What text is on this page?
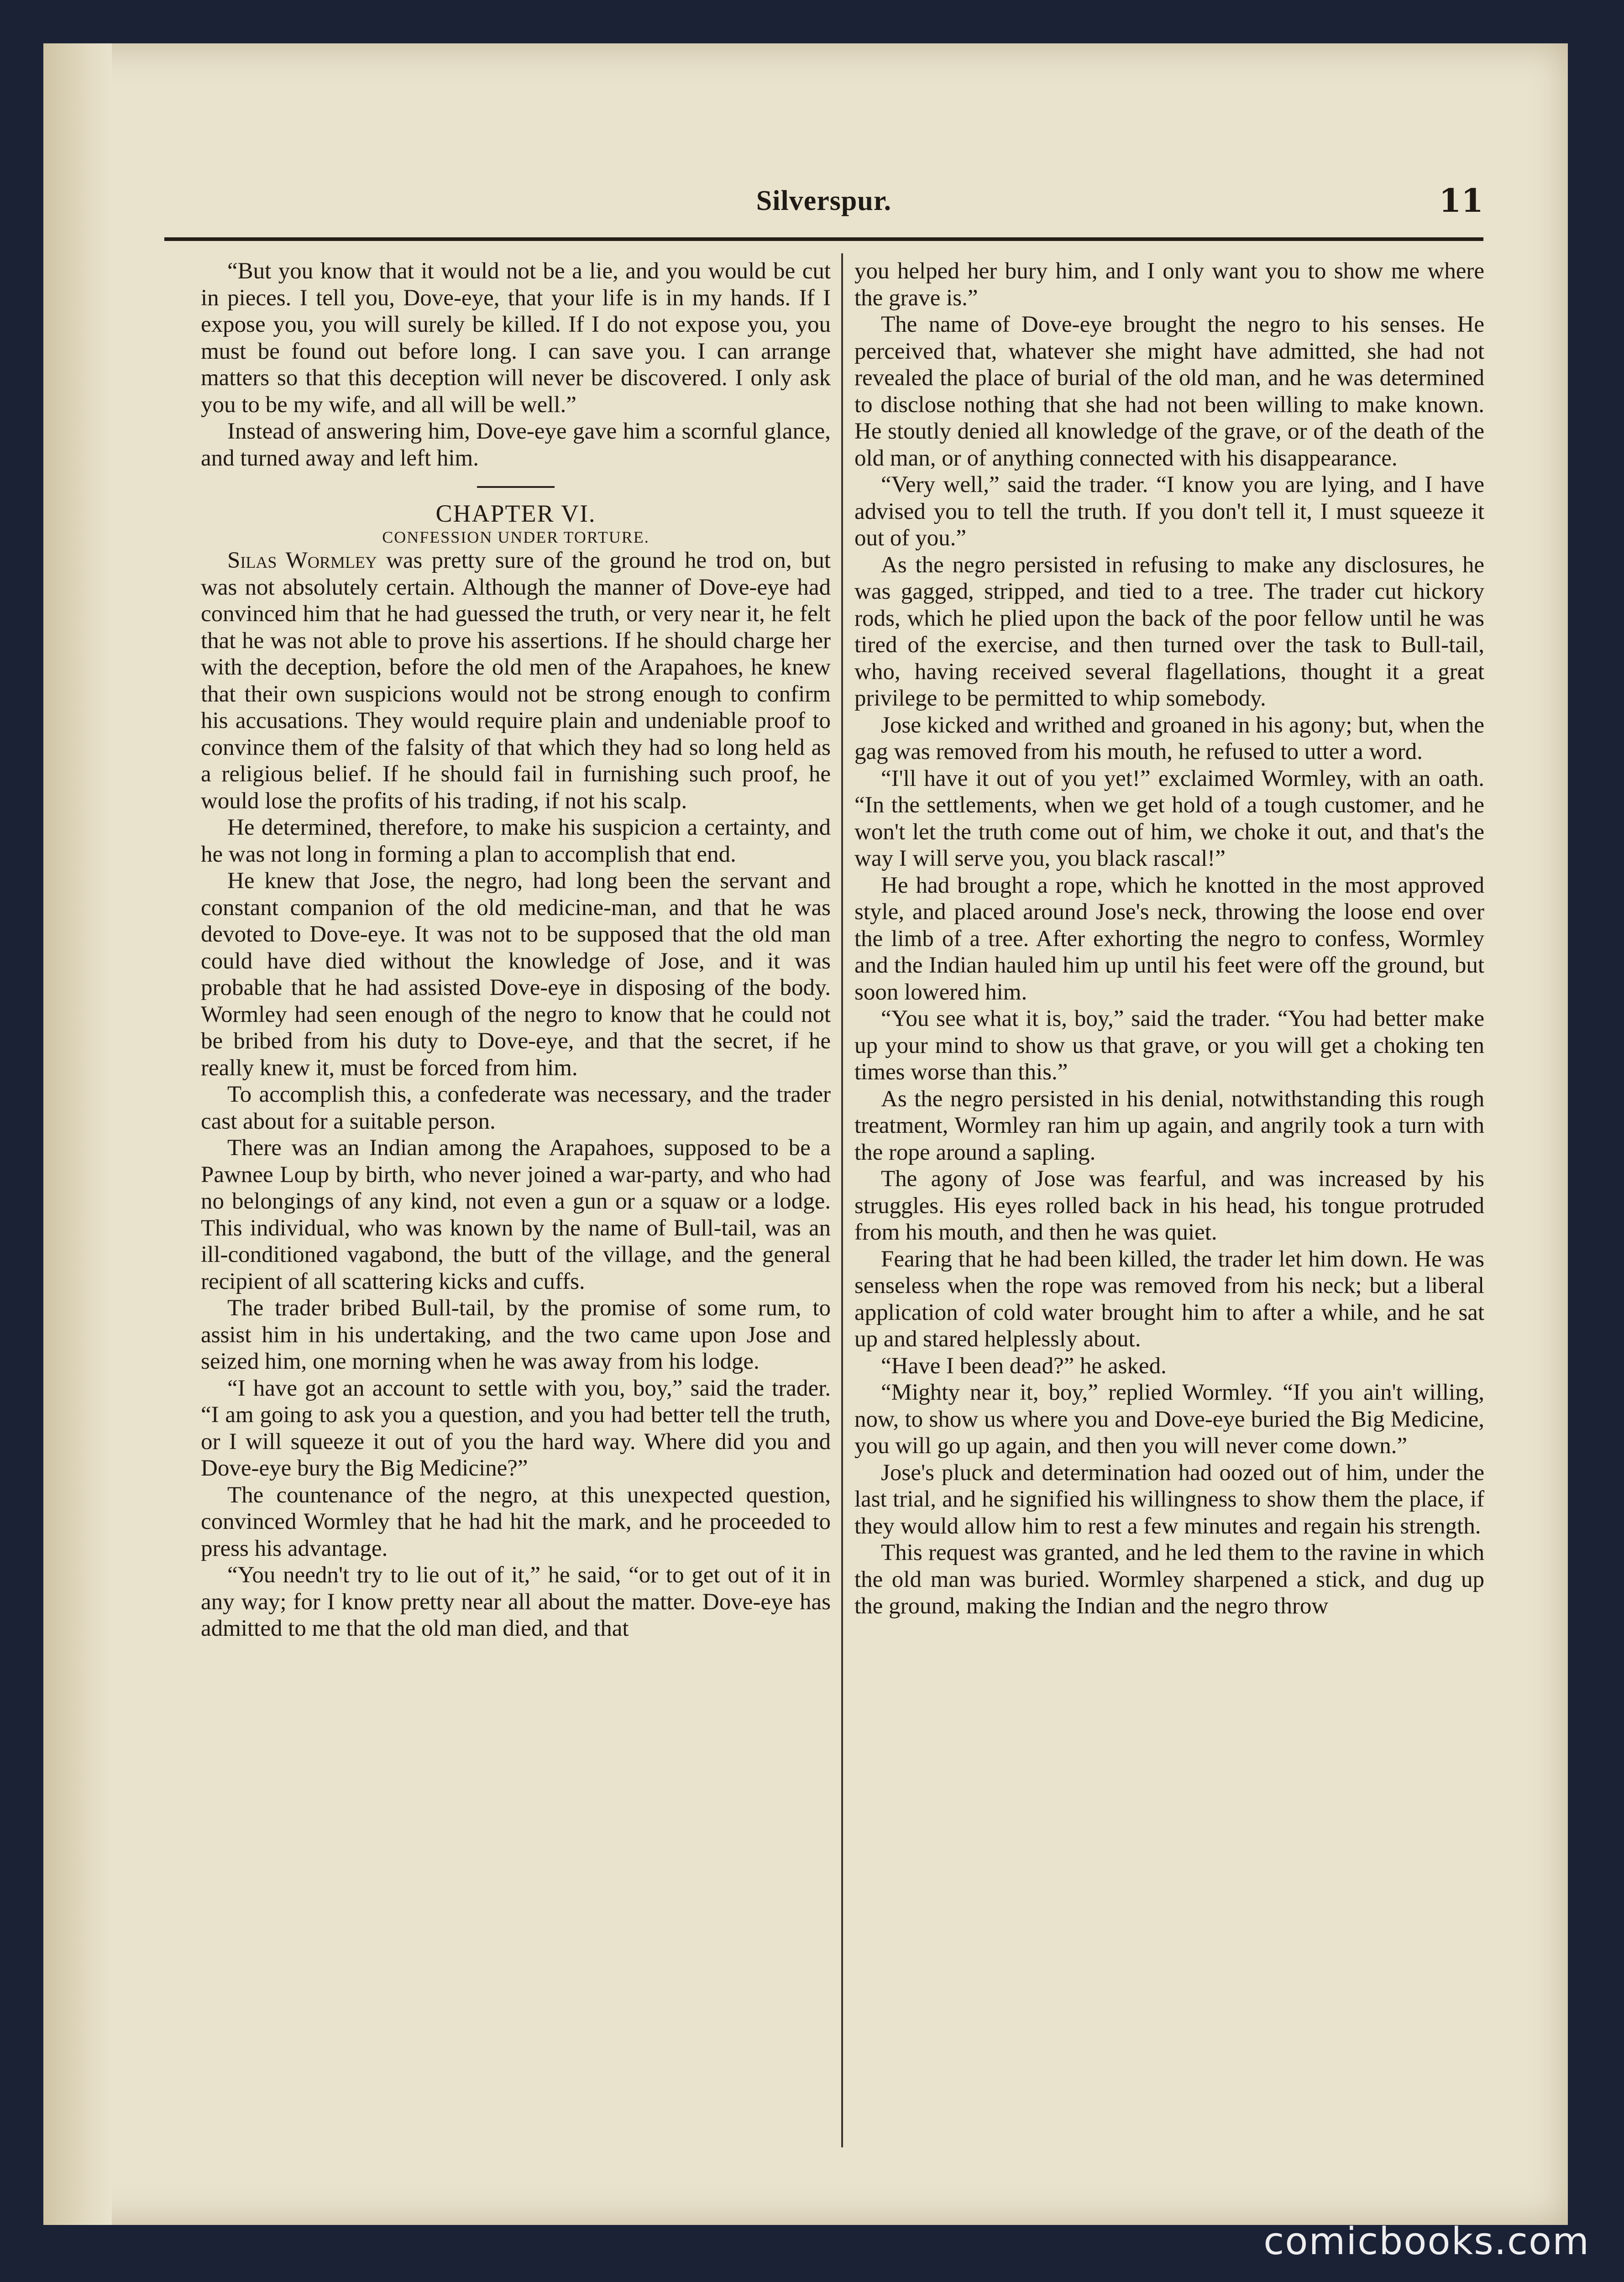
Silverspur.	11

“But you know that it would not be a lie, and you would be cut in pieces. I tell you, Dove-eye, that your life is in my hands. If I expose you, you will surely be killed. If I do not expose you, you must be found out before long. I can save you. I can arrange matters so that this deception will never be discovered. I only ask you to be my wife, and all will be well.”

Instead of answering him, Dove-eye gave him a scornful glance, and turned away and left him.

CHAPTER VI.

CONFESSION UNDER TORTURE.

Silas Wormley was pretty sure of the ground he trod on, but was not absolutely certain. Although the manner of Dove-eye had convinced him that he had guessed the truth, or very near it, he felt that he was not able to prove his assertions. If he should charge her with the deception, before the old men of the Arapahoes, he knew that their own suspicions would not be strong enough to confirm his accusations. They would require plain and undeniable proof to convince them of the falsity of that which they had so long held as a religious belief. If he should fail in furnishing such proof, he would lose the profits of his trading, if not his scalp.

He determined, therefore, to make his suspicion a certainty, and he was not long in forming a plan to accomplish that end.

He knew that Jose, the negro, had long been the servant and constant companion of the old medicine-man, and that he was devoted to Dove-eye. It was not to be supposed that the old man could have died without the knowledge of Jose, and it was probable that he had assisted Dove-eye in disposing of the body. Wormley had seen enough of the negro to know that he could not be bribed from his duty to Dove-eye, and that the secret, if he really knew it, must be forced from him.

To accomplish this, a confederate was necessary, and the trader cast about for a suitable person.

There was an Indian among the Arapahoes, supposed to be a Pawnee Loup by birth, who never joined a war-party, and who had no belongings of any kind, not even a gun or a squaw or a lodge. This individual, who was known by the name of Bull-tail, was an ill-conditioned vagabond, the butt of the village, and the general recipient of all scattering kicks and cuffs.

The trader bribed Bull-tail, by the promise of some rum, to assist him in his undertaking, and the two came upon Jose and seized him, one morning when he was away from his lodge.

“I have got an account to settle with you, boy,” said the trader. “I am going to ask you a question, and you had better tell the truth, or I will squeeze it out of you the hard way. Where did you and Dove-eye bury the Big Medicine?”

The countenance of the negro, at this unexpected question, convinced Wormley that he had hit the mark, and he proceeded to press his advantage.

“You needn't try to lie out of it,” he said, “or to get out of it in any way; for I know pretty near all about the matter. Dove-eye has admitted to me that the old man died, and that

you helped her bury him, and I only want you to show me where the grave is.”

The name of Dove-eye brought the negro to his senses. He perceived that, whatever she might have admitted, she had not revealed the place of burial of the old man, and he was determined to disclose nothing that she had not been willing to make known. He stoutly denied all knowledge of the grave, or of the death of the old man, or of anything connected with his disappearance.

“Very well,” said the trader. “I know you are lying, and I have advised you to tell the truth. If you don't tell it, I must squeeze it out of you.”

As the negro persisted in refusing to make any disclosures, he was gagged, stripped, and tied to a tree. The trader cut hickory rods, which he plied upon the back of the poor fellow until he was tired of the exercise, and then turned over the task to Bull-tail, who, having received several flagellations, thought it a great privilege to be permitted to whip somebody.

Jose kicked and writhed and groaned in his agony; but, when the gag was removed from his mouth, he refused to utter a word.

“I'll have it out of you yet!” exclaimed Wormley, with an oath. “In the settlements, when we get hold of a tough customer, and he won't let the truth come out of him, we choke it out, and that's the way I will serve you, you black rascal!”

He had brought a rope, which he knotted in the most approved style, and placed around Jose's neck, throwing the loose end over the limb of a tree. After exhorting the negro to confess, Wormley and the Indian hauled him up until his feet were off the ground, but soon lowered him.

“You see what it is, boy,” said the trader. “You had better make up your mind to show us that grave, or you will get a choking ten times worse than this.”

As the negro persisted in his denial, notwithstanding this rough treatment, Wormley ran him up again, and angrily took a turn with the rope around a sapling.

The agony of Jose was fearful, and was increased by his struggles. His eyes rolled back in his head, his tongue protruded from his mouth, and then he was quiet.

Fearing that he had been killed, the trader let him down. He was senseless when the rope was removed from his neck; but a liberal application of cold water brought him to after a while, and he sat up and stared helplessly about.

“Have I been dead?” he asked.

“Mighty near it, boy,” replied Wormley. “If you ain't willing, now, to show us where you and Dove-eye buried the Big Medicine, you will go up again, and then you will never come down.”

Jose's pluck and determination had oozed out of him, under the last trial, and he signified his willingness to show them the place, if they would allow him to rest a few minutes and regain his strength.

This request was granted, and he led them to the ravine in which the old man was buried. Wormley sharpened a stick, and dug up the ground, making the Indian and the negro throw

comicbooks.com
